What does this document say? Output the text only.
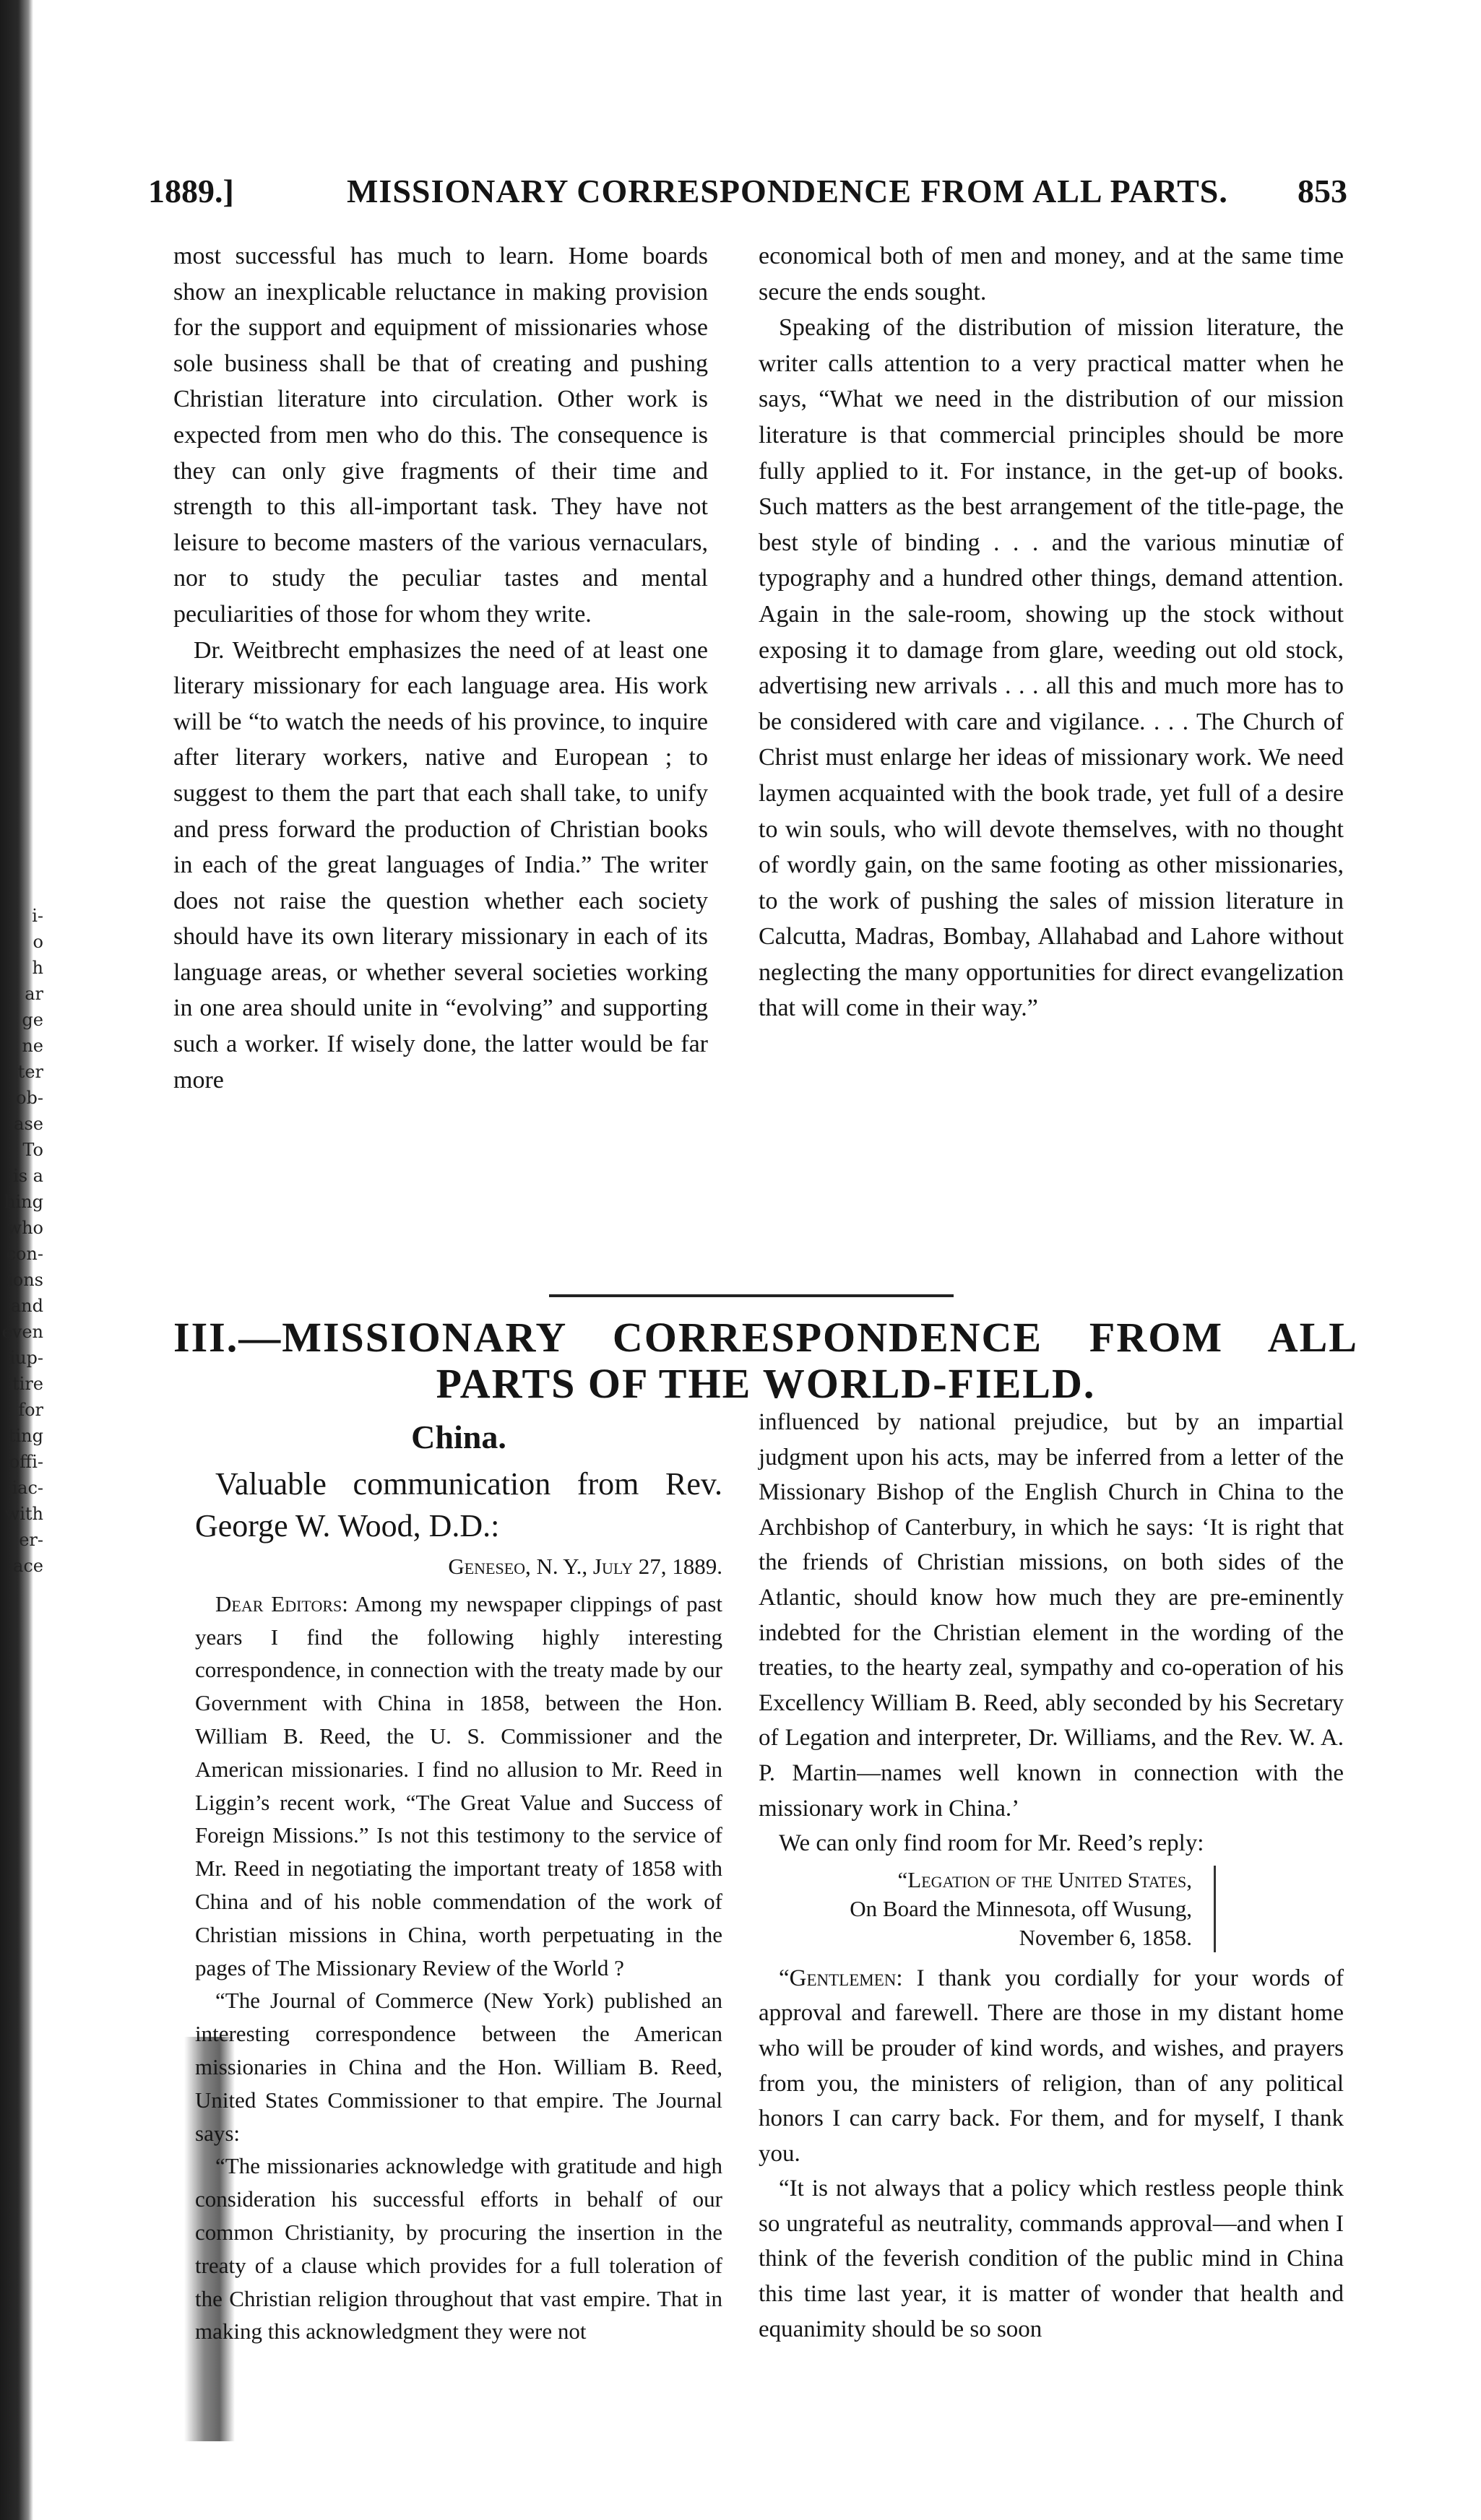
i-
o
h
ar
ge
ne
ter
ob-
ase
To
is a
hing
who
con-
ions
and
even
iup-
tire
for
ting
offi-
iac-
with
er-
ace
1889.]	MISSIONARY CORRESPONDENCE FROM ALL PARTS. 853

most successful has much to learn. Home boards show an inexplicable reluctance in making provision for the support and equipment of missionaries whose sole business shall be that of creating and pushing Christian literature into circulation. Other work is expected from men who do this. The consequence is they can only give fragments of their time and strength to this all-important task. They have not leisure to become masters of the various vernaculars, nor to study the peculiar tastes and mental peculiarities of those for whom they write.

Dr. Weitbrecht emphasizes the need of at least one literary missionary for each language area. His work will be “to watch the needs of his province, to inquire after literary workers, native and European ; to suggest to them the part that each shall take, to unify and press forward the production of Christian books in each of the great languages of India.” The writer does not raise the question whether each society should have its own literary missionary in each of its language areas, or whether several societies working in one area should unite in “evolving” and supporting such a worker. If wisely done, the latter would be far more

economical both of men and money, and at the same time secure the ends sought.

Speaking of the distribution of mission literature, the writer calls attention to a very practical matter when he says, “What we need in the distribution of our mission literature is that commercial principles should be more fully applied to it. For instance, in the get-up of books. Such matters as the best arrangement of the title-page, the best style of binding . . . and the various minutiæ of typography and a hundred other things, demand attention. Again in the sale-room, showing up the stock without exposing it to damage from glare, weeding out old stock, advertising new arrivals . . . all this and much more has to be considered with care and vigilance. . . . The Church of Christ must enlarge her ideas of missionary work. We need laymen acquainted with the book trade, yet full of a desire to win souls, who will devote themselves, with no thought of wordly gain, on the same footing as other missionaries, to the work of pushing the sales of mission literature in Calcutta, Madras, Bombay, Allahabad and Lahore without neglecting the many opportunities for direct evangelization that will come in their way.”

III.—MISSIONARY CORRESPONDENCE FROM ALL
PARTS OF THE WORLD-FIELD.
China.

Valuable communication from Rev. George W. Wood, D.D.:

Geneseo, N. Y., July 27, 1889.

Dear Editors: Among my newspaper clippings of past years I find the following highly interesting correspondence, in connection with the treaty made by our Government with China in 1858, between the Hon. William B. Reed, the U. S. Commissioner and the American missionaries. I find no allusion to Mr. Reed in Liggin’s recent work, “The Great Value and Success of Foreign Missions.” Is not this testimony to the service of Mr. Reed in negotiating the important treaty of 1858 with China and of his noble commendation of the work of Christian missions in China, worth perpetuating in the pages of The Missionary Review of the World ?

“The Journal of Commerce (New York) published an interesting correspondence between the American missionaries in China and the Hon. William B. Reed, United States Commissioner to that empire. The Journal says:

“The missionaries acknowledge with gratitude and high consideration his successful efforts in behalf of our common Christianity, by procuring the insertion in the treaty of a clause which provides for a full toleration of the Christian religion throughout that vast empire. That in making this acknowledgment they were not

influenced by national prejudice, but by an impartial judgment upon his acts, may be inferred from a letter of the Missionary Bishop of the English Church in China to the Archbishop of Canterbury, in which he says: ‘It is right that the friends of Christian missions, on both sides of the Atlantic, should know how much they are pre-eminently indebted for the Christian element in the wording of the treaties, to the hearty zeal, sympathy and co-operation of his Excellency William B. Reed, ably seconded by his Secretary of Legation and interpreter, Dr. Williams, and the Rev. W. A. P. Martin—names well known in connection with the missionary work in China.’

We can only find room for Mr. Reed’s reply:

“Legation of the United States,
On Board the Minnesota, off Wusung,
November 6, 1858.

“Gentlemen: I thank you cordially for your words of approval and farewell. There are those in my distant home who will be prouder of kind words, and wishes, and prayers from you, the ministers of religion, than of any political honors I can carry back. For them, and for myself, I thank you.

“It is not always that a policy which restless people think so ungrateful as neutrality, commands approval—and when I think of the feverish condition of the public mind in China this time last year, it is matter of wonder that health and equanimity should be so soon
